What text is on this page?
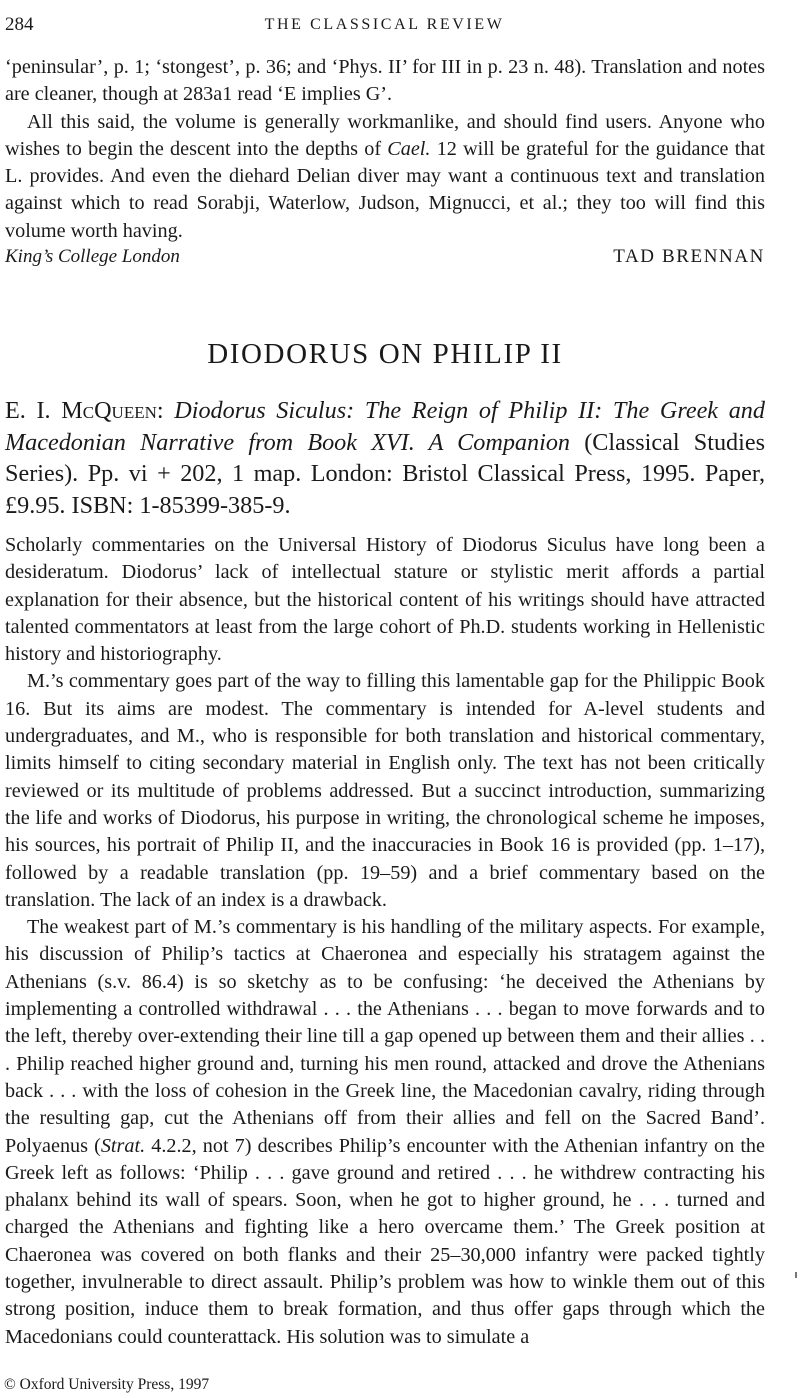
284	THE CLASSICAL REVIEW

‘peninsular’, p. 1; ‘stongest’, p. 36; and ‘Phys. II’ for III in p. 23 n. 48). Translation and notes are cleaner, though at 283a1 read ‘E implies G’.

All this said, the volume is generally workmanlike, and should find users. Anyone who wishes to begin the descent into the depths of Cael. 12 will be grateful for the guidance that L. provides. And even the diehard Delian diver may want a continuous text and translation against which to read Sorabji, Waterlow, Judson, Mignucci, et al.; they too will find this volume worth having.

King’s College London	TAD BRENNAN
DIODORUS ON PHILIP II

E. I. McQueen: Diodorus Siculus: The Reign of Philip II: The Greek and Macedonian Narrative from Book XVI. A Companion (Classical Studies Series). Pp. vi + 202, 1 map. London: Bristol Classical Press, 1995. Paper, £9.95. ISBN: 1-85399-385-9.

Scholarly commentaries on the Universal History of Diodorus Siculus have long been a desideratum. Diodorus’ lack of intellectual stature or stylistic merit affords a partial explanation for their absence, but the historical content of his writings should have attracted talented commentators at least from the large cohort of Ph.D. students working in Hellenistic history and historiography.

M.’s commentary goes part of the way to filling this lamentable gap for the Philippic Book 16. But its aims are modest. The commentary is intended for A-level students and undergraduates, and M., who is responsible for both translation and historical commentary, limits himself to citing secondary material in English only. The text has not been critically reviewed or its multitude of problems addressed. But a succinct introduction, summarizing the life and works of Diodorus, his purpose in writing, the chronological scheme he imposes, his sources, his portrait of Philip II, and the inaccuracies in Book 16 is provided (pp. 1–17), followed by a readable translation (pp. 19–59) and a brief commentary based on the translation. The lack of an index is a drawback.

The weakest part of M.’s commentary is his handling of the military aspects. For example, his discussion of Philip’s tactics at Chaeronea and especially his stratagem against the Athenians (s.v. 86.4) is so sketchy as to be confusing: ‘he deceived the Athenians by implementing a controlled withdrawal . . . the Athenians . . . began to move forwards and to the left, thereby over-extending their line till a gap opened up between them and their allies . . . Philip reached higher ground and, turning his men round, attacked and drove the Athenians back . . . with the loss of cohesion in the Greek line, the Macedonian cavalry, riding through the resulting gap, cut the Athenians off from their allies and fell on the Sacred Band’. Polyaenus (Strat. 4.2.2, not 7) describes Philip’s encounter with the Athenian infantry on the Greek left as follows: ‘Philip . . . gave ground and retired . . . he withdrew contracting his phalanx behind its wall of spears. Soon, when he got to higher ground, he . . . turned and charged the Athenians and fighting like a hero overcame them.’ The Greek position at Chaeronea was covered on both flanks and their 25–30,000 infantry were packed tightly together, invulnerable to direct assault. Philip’s problem was how to winkle them out of this strong position, induce them to break formation, and thus offer gaps through which the Macedonians could counterattack. His solution was to simulate a

© Oxford University Press, 1997
